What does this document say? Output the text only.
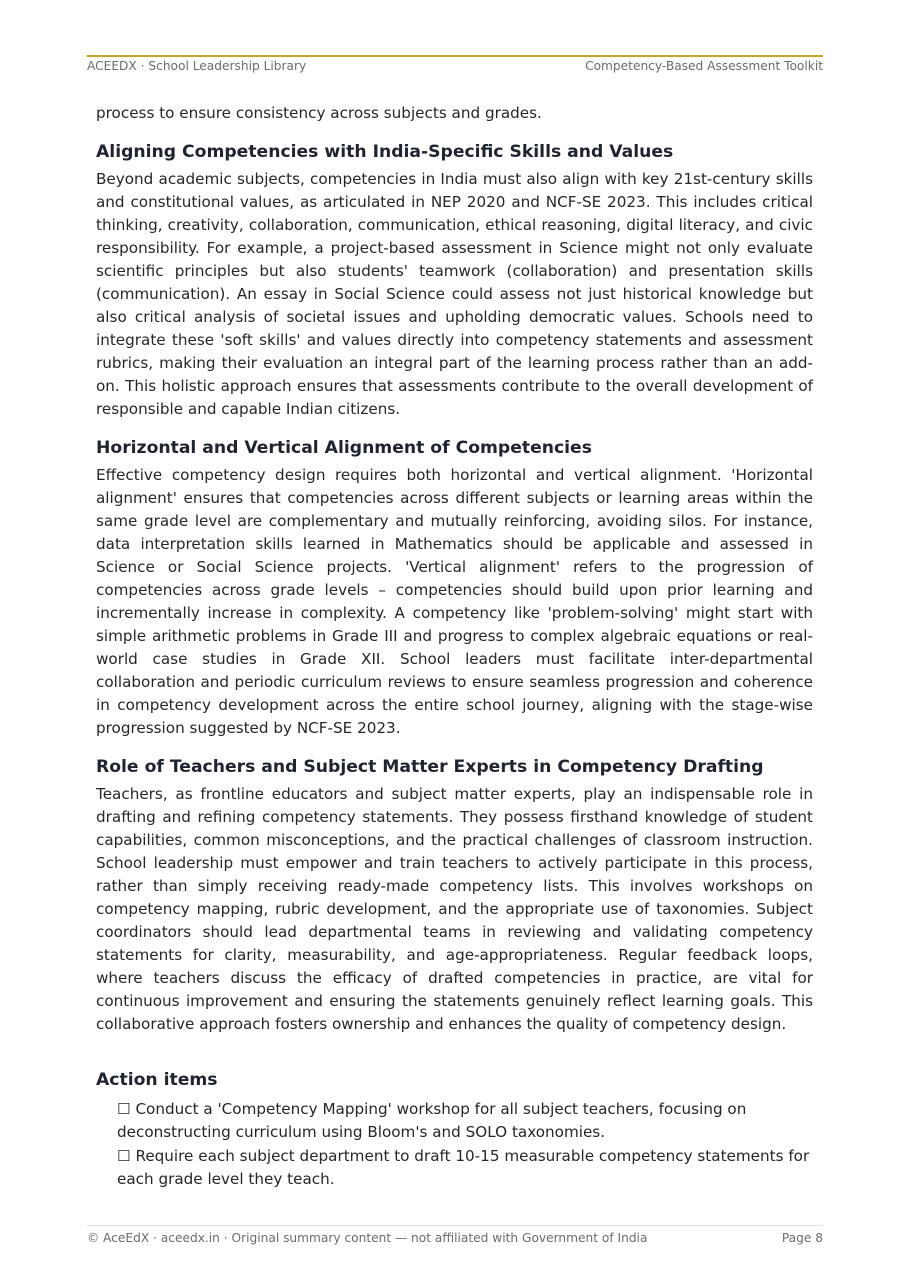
ACEEDX · School Leadership Library	Competency-Based Assessment Toolkit

process to ensure consistency across subjects and grades.

Aligning Competencies with India-Specific Skills and Values

Beyond academic subjects, competencies in India must also align with key 21st-century skills and constitutional values, as articulated in NEP 2020 and NCF-SE 2023. This includes critical thinking, creativity, collaboration, communication, ethical reasoning, digital literacy, and civic responsibility. For example, a project-based assessment in Science might not only evaluate scientific principles but also students' teamwork (collaboration) and presentation skills (communication). An essay in Social Science could assess not just historical knowledge but also critical analysis of societal issues and upholding democratic values. Schools need to integrate these 'soft skills' and values directly into competency statements and assessment rubrics, making their evaluation an integral part of the learning process rather than an add-on. This holistic approach ensures that assessments contribute to the overall development of responsible and capable Indian citizens.

Horizontal and Vertical Alignment of Competencies

Effective competency design requires both horizontal and vertical alignment. 'Horizontal alignment' ensures that competencies across different subjects or learning areas within the same grade level are complementary and mutually reinforcing, avoiding silos. For instance, data interpretation skills learned in Mathematics should be applicable and assessed in Science or Social Science projects. 'Vertical alignment' refers to the progression of competencies across grade levels – competencies should build upon prior learning and incrementally increase in complexity. A competency like 'problem-solving' might start with simple arithmetic problems in Grade III and progress to complex algebraic equations or real-world case studies in Grade XII. School leaders must facilitate inter-departmental collaboration and periodic curriculum reviews to ensure seamless progression and coherence in competency development across the entire school journey, aligning with the stage-wise progression suggested by NCF-SE 2023.

Role of Teachers and Subject Matter Experts in Competency Drafting

Teachers, as frontline educators and subject matter experts, play an indispensable role in drafting and refining competency statements. They possess firsthand knowledge of student capabilities, common misconceptions, and the practical challenges of classroom instruction. School leadership must empower and train teachers to actively participate in this process, rather than simply receiving ready-made competency lists. This involves workshops on competency mapping, rubric development, and the appropriate use of taxonomies. Subject coordinators should lead departmental teams in reviewing and validating competency statements for clarity, measurability, and age-appropriateness. Regular feedback loops, where teachers discuss the efficacy of drafted competencies in practice, are vital for continuous improvement and ensuring the statements genuinely reflect learning goals. This collaborative approach fosters ownership and enhances the quality of competency design.

Action items
☐ Conduct a 'Competency Mapping' workshop for all subject teachers, focusing on deconstructing curriculum using Bloom's and SOLO taxonomies.
☐ Require each subject department to draft 10-15 measurable competency statements for each grade level they teach.
© AceEdX · aceedx.in · Original summary content — not affiliated with Government of India	Page 8
